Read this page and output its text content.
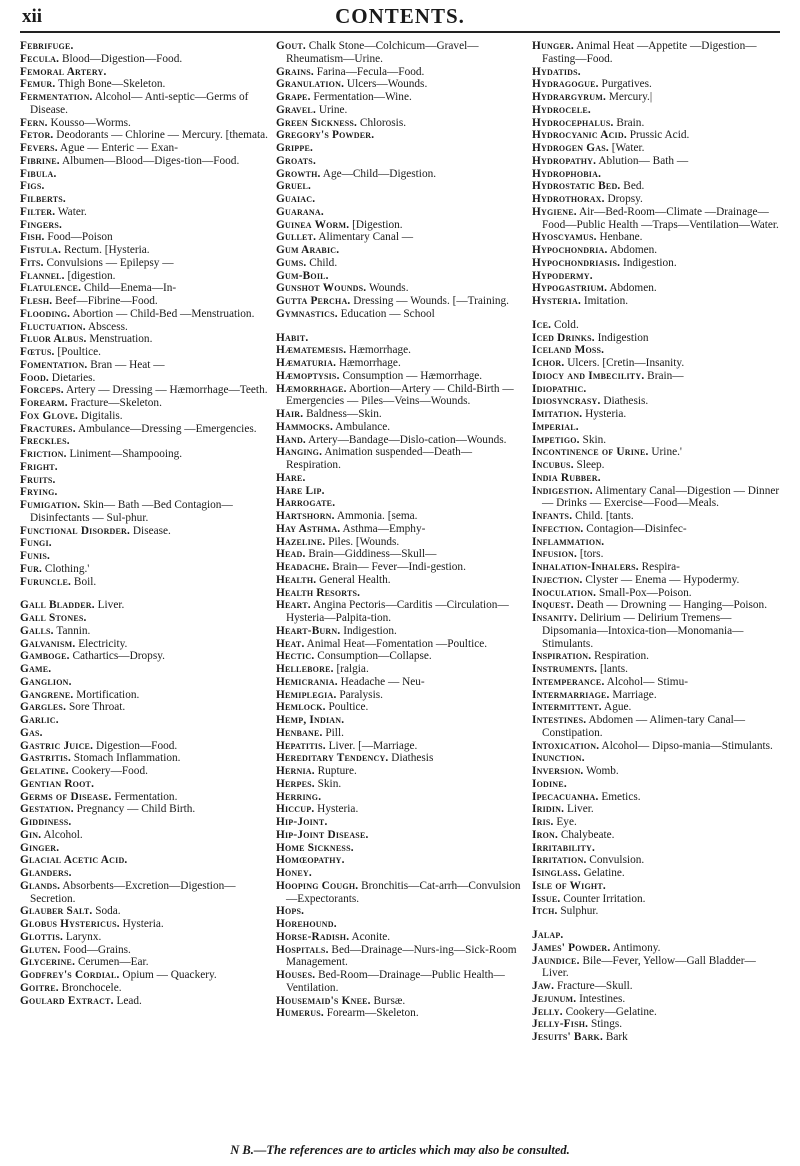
xii	CONTENTS.

Febrifuge.

Fecula. Blood—Digestion—Food.

Femoral Artery.

Femur. Thigh Bone—Skeleton.

Fermentation. Alcohol— Anti-septic—Germs of Disease.

Fern. Kousso—Worms.

Fetor. Deodorants — Chlorine — Mercury. [themata.

Fevers. Ague — Enteric — Exan-

Fibrine. Albumen—Blood—Diges-tion—Food.

Fibula.

Figs.

Filberts.

Filter. Water.

Fingers.

Fish. Food—Poison

Fistula. Rectum. [Hysteria.

Fits. Convulsions — Epilepsy —

Flannel. [digestion.

Flatulence. Child—Enema—In-

Flesh. Beef—Fibrine—Food.

Flooding. Abortion — Child-Bed —Menstruation.

Fluctuation. Abscess.

Fluor Albus. Menstruation.

Fœtus. [Poultice.

Fomentation. Bran — Heat —

Food. Dietaries.

Forceps. Artery — Dressing — Hæmorrhage—Teeth.

Forearm. Fracture—Skeleton.

Fox Glove. Digitalis.

Fractures. Ambulance—Dressing —Emergencies.

Freckles.

Friction. Liniment—Shampooing.

Fright.

Fruits.

Frying.

Fumigation. Skin— Bath —Bed Contagion— Disinfectants — Sul-phur.

Functional Disorder. Disease.

Fungi.

Funis.

Fur. Clothing.'

Furuncle. Boil.

Gall Bladder. Liver.

Gall Stones.

Galls. Tannin.

Galvanism. Electricity.

Gamboge. Cathartics—Dropsy.

Game.

Ganglion.

Gangrene. Mortification.

Gargles. Sore Throat.

Garlic.

Gas.

Gastric Juice. Digestion—Food.

Gastritis. Stomach Inflammation.

Gelatine. Cookery—Food.

Gentian Root.

Germs of Disease. Fermentation.

Gestation. Pregnancy — Child Birth.

Giddiness.

Gin. Alcohol.

Ginger.

Glacial Acetic Acid.

Glanders.

Glands. Absorbents—Excretion—Digestion—Secretion.

Glauber Salt. Soda.

Globus Hystericus. Hysteria.

Glottis. Larynx.

Gluten. Food—Grains.

Glycerine. Cerumen—Ear.

Godfrey's Cordial. Opium — Quackery.

Goitre. Bronchocele.

Goulard Extract. Lead.

Gout. Chalk Stone—Colchicum—Gravel—Rheumatism—Urine.

Grains. Farina—Fecula—Food.

Granulation. Ulcers—Wounds.

Grape. Fermentation—Wine.

Gravel. Urine.

Green Sickness. Chlorosis.

Gregory's Powder.

Grippe.

Groats.

Growth. Age—Child—Digestion.

Gruel.

Guaiac.

Guarana.

Guinea Worm. [Digestion.

Gullet. Alimentary Canal —

Gum Arabic.

Gums. Child.

Gum-Boil.

Gunshot Wounds. Wounds.

Gutta Percha. Dressing — Wounds. [—Training.

Gymnastics. Education — School

Habit.

Hæmatemesis. Hæmorrhage.

Hæmaturia. Hæmorrhage.

Hæmoptysis. Consumption — Hæmorrhage.

Hæmorrhage. Abortion—Artery — Child-Birth — Emergencies — Piles—Veins—Wounds.

Hair. Baldness—Skin.

Hammocks. Ambulance.

Hand. Artery—Bandage—Dislo-cation—Wounds.

Hanging. Animation suspended—Death—Respiration.

Hare.

Hare Lip.

Harrogate.

Hartshorn. Ammonia. [sema.

Hay Asthma. Asthma—Emphy-

Hazeline. Piles. [Wounds.

Head. Brain—Giddiness—Skull—

Headache. Brain— Fever—Indi-gestion.

Health. General Health.

Health Resorts.

Heart. Angina Pectoris—Carditis —Circulation—Hysteria—Palpita-tion.

Heart-Burn. Indigestion.

Heat. Animal Heat—Fomentation —Poultice.

Hectic. Consumption—Collapse.

Hellebore. [ralgia.

Hemicrania. Headache — Neu-

Hemiplegia. Paralysis.

Hemlock. Poultice.

Hemp, Indian.

Henbane. Pill.

Hepatitis. Liver. [—Marriage.

Hereditary Tendency. Diathesis

Hernia. Rupture.

Herpes. Skin.

Herring.

Hiccup. Hysteria.

Hip-Joint.

Hip-Joint Disease.

Home Sickness.

Homœopathy.

Honey.

Hooping Cough. Bronchitis—Cat-arrh—Convulsion—Expectorants.

Hops.

Horehound.

Horse-Radish. Aconite.

Hospitals. Bed—Drainage—Nurs-ing—Sick-Room Management.

Houses. Bed-Room—Drainage—Public Health—Ventilation.

Housemaid's Knee. Bursæ.

Humerus. Forearm—Skeleton.

Hunger. Animal Heat —Appetite —Digestion—Fasting—Food.

Hydatids.

Hydragogue. Purgatives.

Hydrargyrum. Mercury.|

Hydrocele.

Hydrocephalus. Brain.

Hydrocyanic Acid. Prussic Acid.

Hydrogen Gas. [Water.

Hydropathy. Ablution— Bath —

Hydrophobia.

Hydrostatic Bed. Bed.

Hydrothorax. Dropsy.

Hygiene. Air—Bed-Room—Climate —Drainage—Food—Public Health —Traps—Ventilation—Water.

Hyoscyamus. Henbane.

Hypochondria. Abdomen.

Hypochondriasis. Indigestion.

Hypodermy.

Hypogastrium. Abdomen.

Hysteria. Imitation.

Ice. Cold.

Iced Drinks. Indigestion

Iceland Moss.

Ichor. Ulcers. [Cretin—Insanity.

Idiocy and Imbecility. Brain—

Idiopathic.

Idiosyncrasy. Diathesis.

Imitation. Hysteria.

Imperial.

Impetigo. Skin.

Incontinence of Urine. Urine.'

Incubus. Sleep.

India Rubber.

Indigestion. Alimentary Canal—Digestion — Dinner — Drinks — Exercise—Food—Meals.

Infants. Child. [tants.

Infection. Contagion—Disinfec-

Inflammation.

Infusion. [tors.

Inhalation-Inhalers. Respira-

Injection. Clyster — Enema — Hypodermy.

Inoculation. Small-Pox—Poison.

Inquest. Death — Drowning — Hanging—Poison.

Insanity. Delirium — Delirium Tremens—Dipsomania—Intoxica-tion—Monomania—Stimulants.

Inspiration. Respiration.

Instruments. [lants.

Intemperance. Alcohol— Stimu-

Intermarriage. Marriage.

Intermittent. Ague.

Intestines. Abdomen — Alimen-tary Canal—Constipation.

Intoxication. Alcohol— Dipso-mania—Stimulants.

Inunction.

Inversion. Womb.

Iodine.

Ipecacuanha. Emetics.

Iridin. Liver.

Iris. Eye.

Iron. Chalybeate.

Irritability.

Irritation. Convulsion.

Isinglass. Gelatine.

Isle of Wight.

Issue. Counter Irritation.

Itch. Sulphur.

Jalap.

James' Powder. Antimony.

Jaundice. Bile—Fever, Yellow—Gall Bladder—Liver.

Jaw. Fracture—Skull.

Jejunum. Intestines.

Jelly. Cookery—Gelatine.

Jelly-Fish. Stings.

Jesuits' Bark. Bark

N B.—The references are to articles which may also be consulted.
